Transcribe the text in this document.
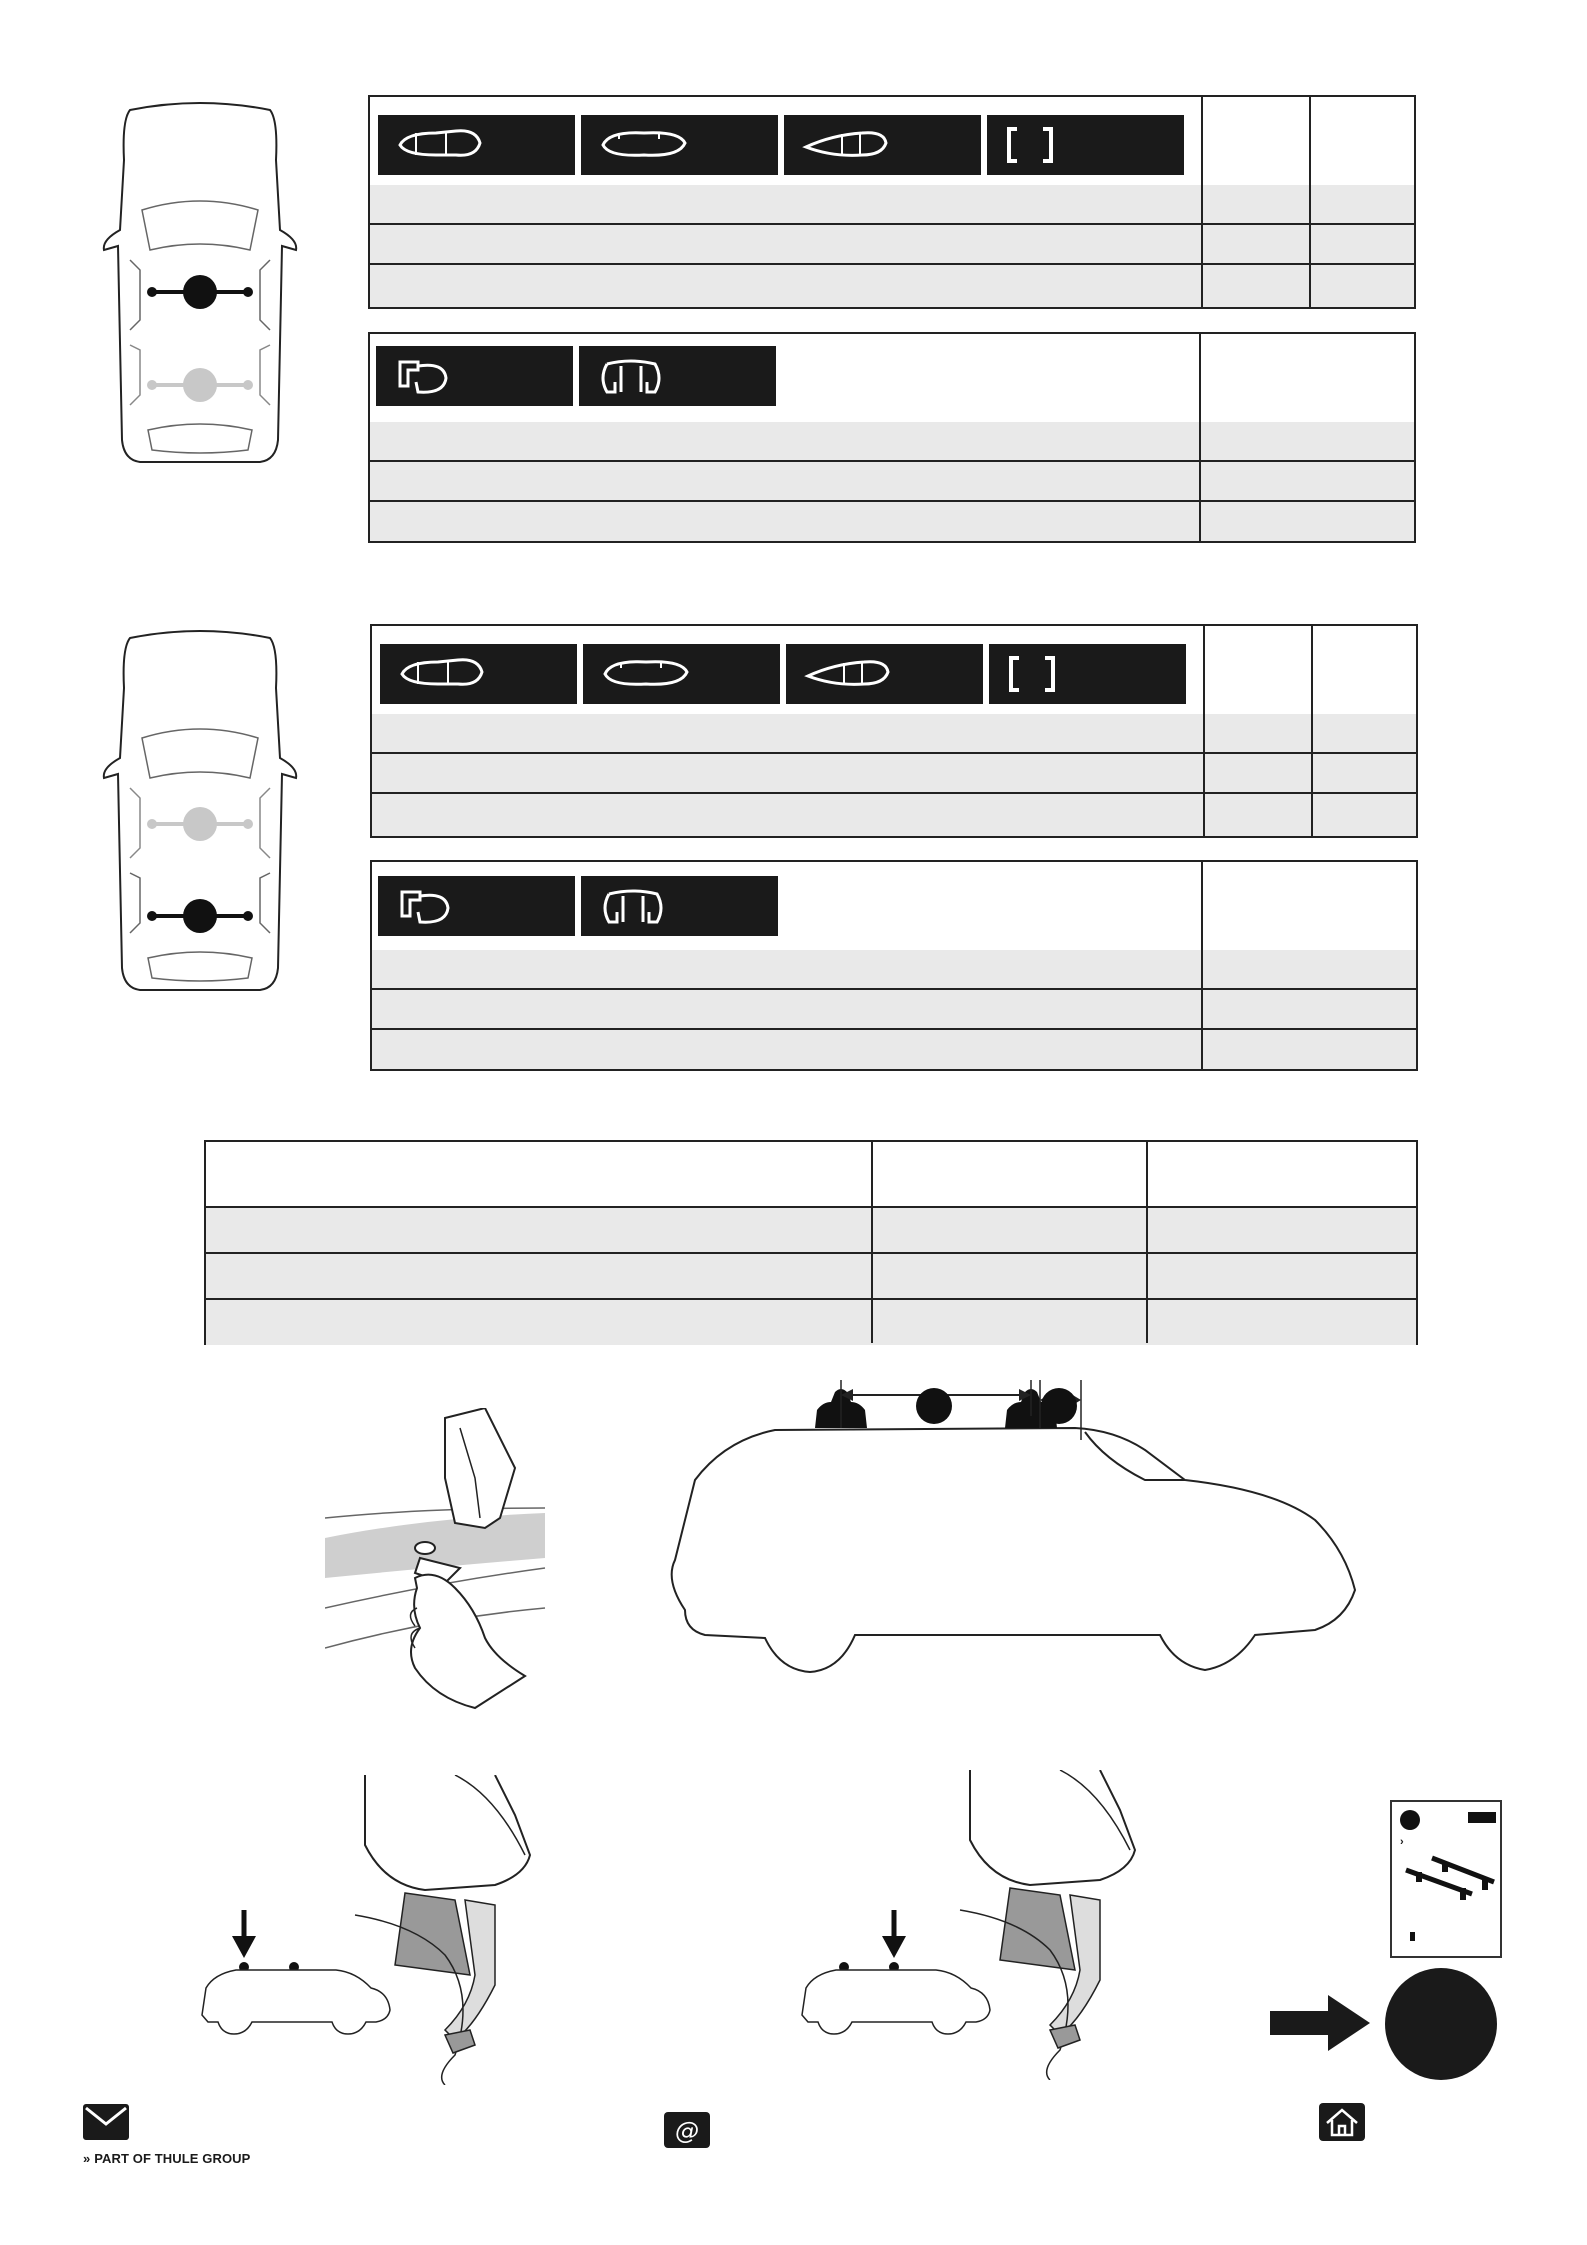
›
» PART OF THULE GROUP
@
